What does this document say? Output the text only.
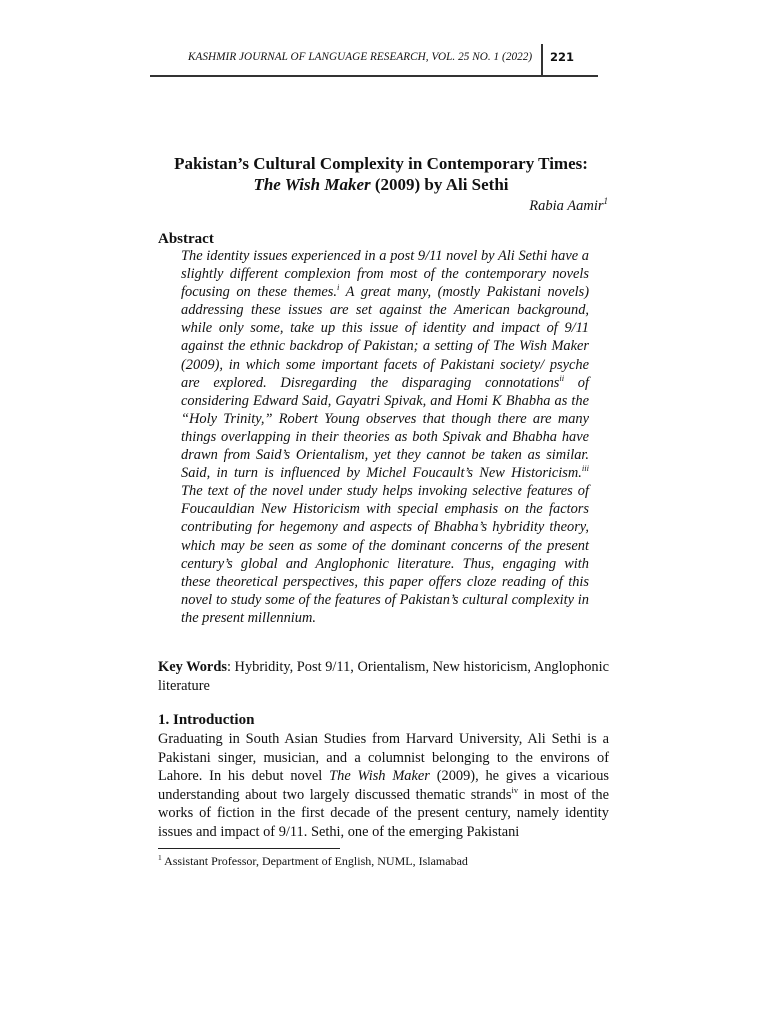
KASHMIR JOURNAL OF LANGUAGE RESEARCH, VOL. 25 NO. 1 (2022) 221
Pakistan’s Cultural Complexity in Contemporary Times:
The Wish Maker (2009) by Ali Sethi
Rabia Aamir$^1$
Abstract
The identity issues experienced in a post 9/11 novel by Ali Sethi have a slightly different complexion from most of the contemporary novels focusing on these themes.$^i$ A great many, (mostly Pakistani novels) addressing these issues are set against the American background, while only some, take up this issue of identity and impact of 9/11 against the ethnic backdrop of Pakistan; a setting of The Wish Maker (2009), in which some important facets of Pakistani society/ psyche are explored. Disregarding the disparaging connotations$^{ii}$ of considering Edward Said, Gayatri Spivak, and Homi K Bhabha as the “Holy Trinity,” Robert Young observes that though there are many things overlapping in their theories as both Spivak and Bhabha have drawn from Said’s Orientalism, yet they cannot be taken as similar. Said, in turn is influenced by Michel Foucault’s New Historicism.$^{iii}$ The text of the novel under study helps invoking selective features of Foucauldian New Historicism with special emphasis on the factors contributing for hegemony and aspects of Bhabha’s hybridity theory, which may be seen as some of the dominant concerns of the present century’s global and Anglophonic literature. Thus, engaging with these theoretical perspectives, this paper offers cloze reading of this novel to study some of the features of Pakistan’s cultural complexity in the present millennium.
Key Words: Hybridity, Post 9/11, Orientalism, New historicism, Anglophonic literature
1. Introduction
Graduating in South Asian Studies from Harvard University, Ali Sethi is a Pakistani singer, musician, and a columnist belonging to the environs of Lahore. In his debut novel The Wish Maker (2009), he gives a vicarious understanding about two largely discussed thematic strands$^{iv}$ in most of the works of fiction in the first decade of the present century, namely identity issues and impact of 9/11. Sethi, one of the emerging Pakistani
$^1$ Assistant Professor, Department of English, NUML, Islamabad
